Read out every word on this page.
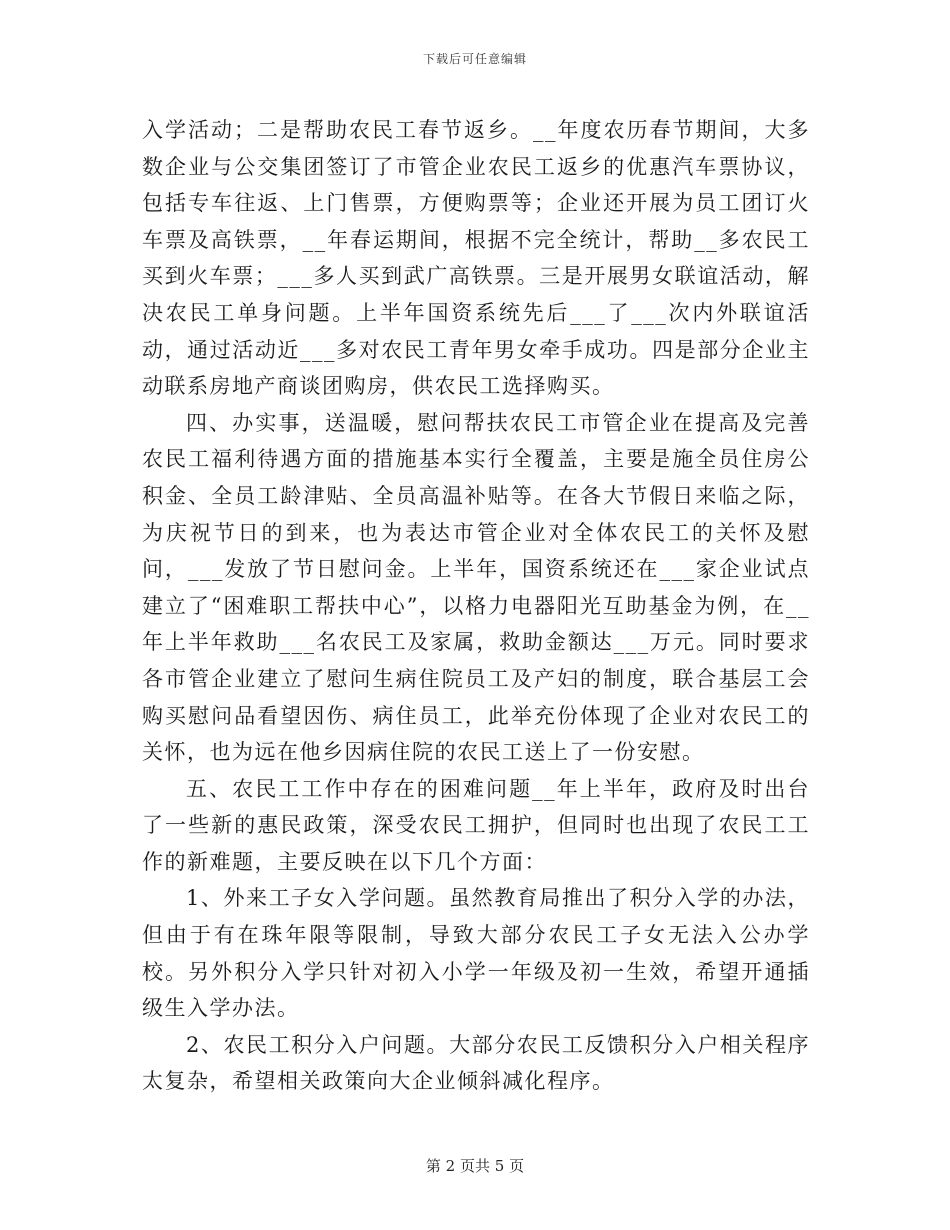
下载后可任意编辑

入学活动；二是帮助农民工春节返乡。__年度农历春节期间，大多数企业与公交集团签订了市管企业农民工返乡的优惠汽车票协议，包括专车往返、上门售票，方便购票等；企业还开展为员工团订火车票及高铁票，__年春运期间，根据不完全统计，帮助__多农民工买到火车票；___多人买到武广高铁票。三是开展男女联谊活动，解决农民工单身问题。上半年国资系统先后___了___次内外联谊活动，通过活动近___多对农民工青年男女牵手成功。四是部分企业主动联系房地产商谈团购房，供农民工选择购买。

四、办实事，送温暖，慰问帮扶农民工市管企业在提高及完善农民工福利待遇方面的措施基本实行全覆盖，主要是施全员住房公积金、全员工龄津贴、全员高温补贴等。在各大节假日来临之际，为庆祝节日的到来，也为表达市管企业对全体农民工的关怀及慰问，___发放了节日慰问金。上半年，国资系统还在___家企业试点建立了“困难职工帮扶中心”，以格力电器阳光互助基金为例，在__年上半年救助___名农民工及家属，救助金额达___万元。同时要求各市管企业建立了慰问生病住院员工及产妇的制度，联合基层工会购买慰问品看望因伤、病住员工，此举充份体现了企业对农民工的关怀，也为远在他乡因病住院的农民工送上了一份安慰。

五、农民工工作中存在的困难问题__年上半年，政府及时出台了一些新的惠民政策，深受农民工拥护，但同时也出现了农民工工作的新难题，主要反映在以下几个方面：

1、外来工子女入学问题。虽然教育局推出了积分入学的办法，但由于有在珠年限等限制，导致大部分农民工子女无法入公办学校。另外积分入学只针对初入小学一年级及初一生效，希望开通插级生入学办法。

2、农民工积分入户问题。大部分农民工反馈积分入户相关程序太复杂，希望相关政策向大企业倾斜减化程序。

第 2 页共 5 页
